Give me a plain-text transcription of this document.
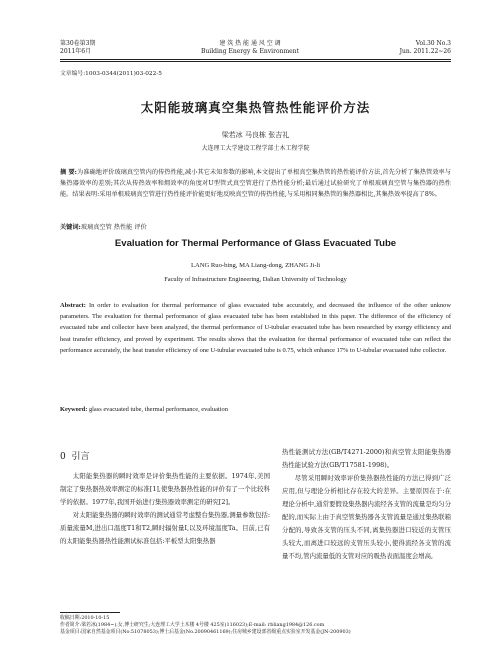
第30卷第3期
2011年6月
建 筑 热 能 通 风 空 调
Building Energy & Environment
Vol.30 No.3
Jun. 2011.22~26
文章编号:1003-0344(2011)03-022-5
太阳能玻璃真空集热管热性能评价方法
梁若冰 马良栋 张吉礼
大连理工大学建设工程学部土木工程学院
摘 要:为准确地评价玻璃真空管内的传热性能,减小其它未知参数的影响,本文提出了单根真空集热管的热性能评价方法,首先分析了集热管效率与集热器效率的差别;其次从传热效率和㶲效率的角度对U型管式真空管进行了热性能分析;最后通过试验研究了单根玻璃真空管与集热器的热性能。结果表明:采用单根玻璃真空管进行热性能评价能更好地反映真空管的传热性能,与采用相同集热管的集热器相比,其集热效率提高了8%。
关键词:玻璃真空管 热性能 评价
Evaluation for Thermal Performance of Glass Evacuated Tube
LANG Ruo-bing, MA Liang-dong, ZHANG Ji-li
Faculty of Infrastructure Engineering, Dalian University of Technology
Abstract: In order to evaluation for thermal performance of glass evacuated tube accurately, and decreased the influence of the other unknow parameters. The evaluation for thermal performance of glass evacuated tube has been established in this paper. The difference of the efficiency of evacuated tube and collector have been analyzed, the thermal performance of U-tubular evacuated tube has been researched by exergy efficiency and heat transfer efficiency, and proved by experiment. The results shows that the evaluation for thermal performance of evacuated tube can reflect the performance accurately, the heat transfer efficiency of one U-tubular evacuated tube is 0.75, which enhance 17% to U-tubular evacuated tube collector.
Keyword: glass evacuated tube, thermal performance, evaluation
0 引言

太阳能集热器的瞬时效率是评价集热性能的主要依据。1974年,美国制定了集热器热效率测定的标准[1],使集热器热性能的评价有了一个比较科学的依据。1977年,我国开始进行集热器效率测定的研究[2]。

对太阳能集热器的瞬时效率的测试通常考虑整台集热器,测量参数包括:质量流量M,进出口温度T1和T2,瞬时辐射量I,以及环境温度Ta。目前,已有的太阳能集热器热性能测试标准包括:平板型太阳集热器

热性能测试方法(GB/T4271-2000)和真空管太阳能集热器热性能试验方法(GB/T17581-1998)。

尽管采用瞬时效率评价集热器热性能的方法已得到广泛应用,但与理论分析相比存在较大的差异。主要原因在于:在理论分析中,通常要假设集热器内流经各支管的流量是均匀分配的,而实际上由于真空管集热器各支管流量是通过集热联箱分配的,导致各支管的压头不同,离集热器进口较近的支管压头较大,而离进口较远的支管压头较小,使得流经各支管的流量不均,管内流量低的支管对应的吸热表面温度会增高,

收稿日期:2010-10-15
作者简介:梁若冰(1984~),女,博士研究生;大连理工大学土木楼 4号楼 425室(116023);E-mail: rbliang1984@126.com
基金项目:国家自然基金项目(No.51078053);博士后基金(No.20090461169);住房城乡建设部省级重点实验室开发基金(JN-200903)
